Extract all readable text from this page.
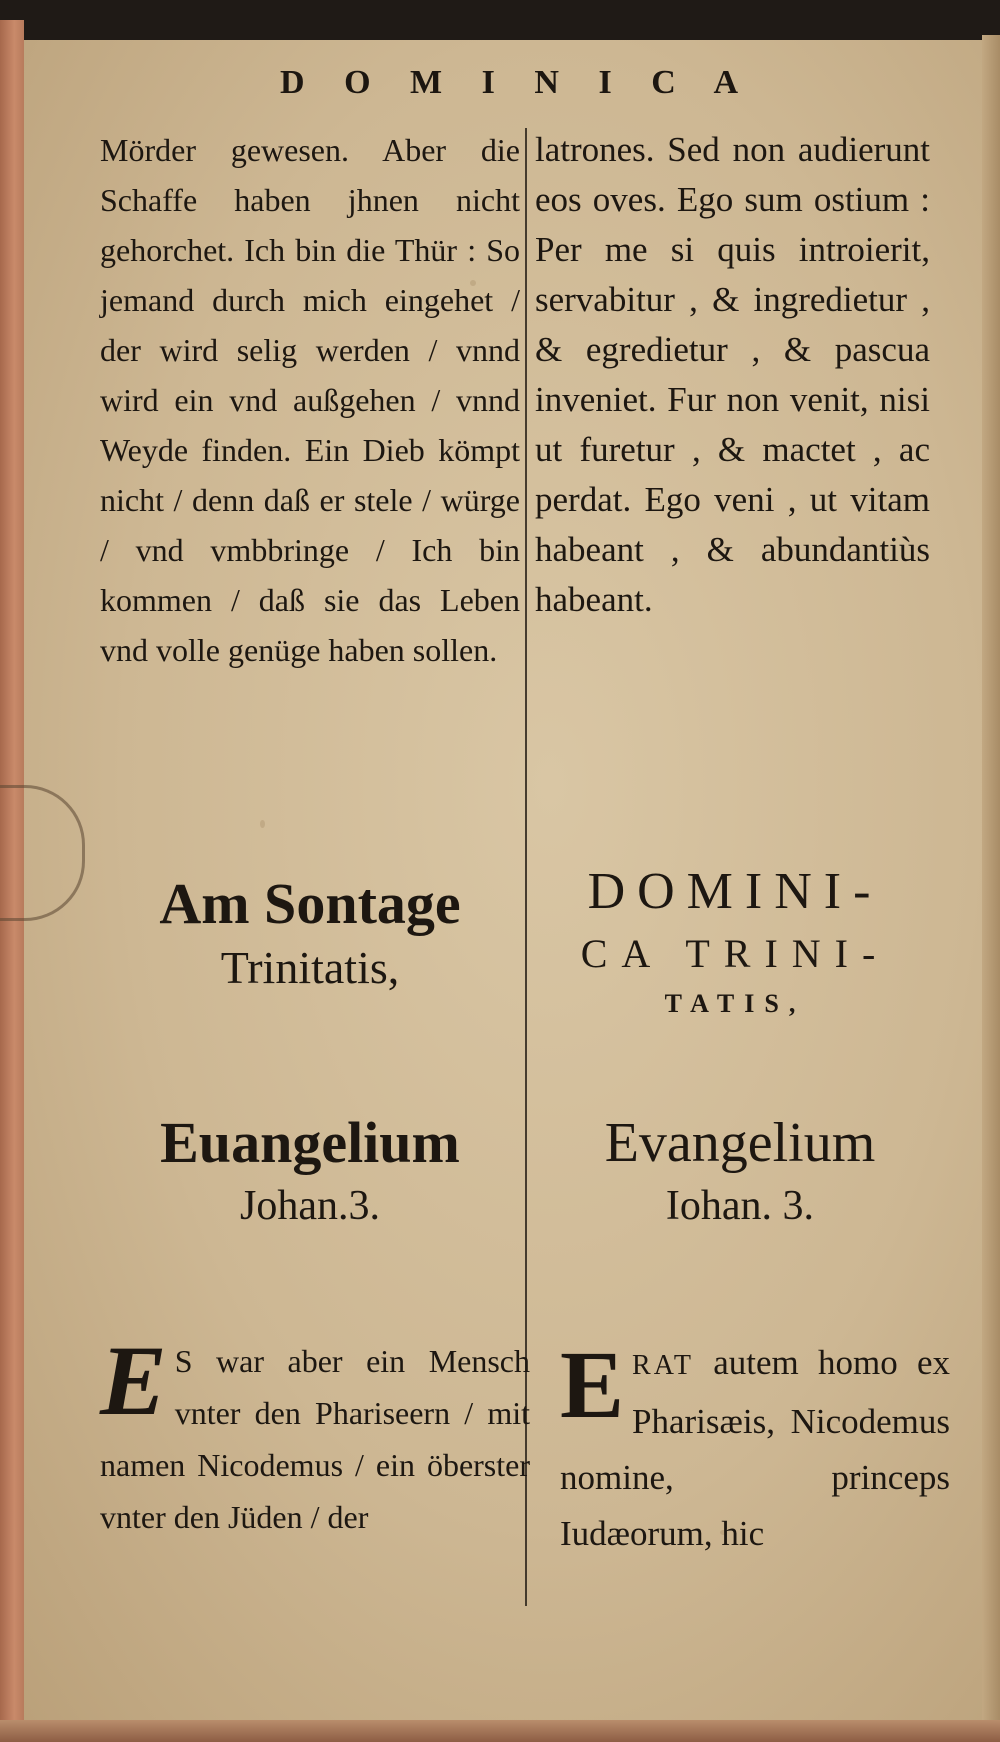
D O M I N I C A
Mörder gewesen. Aber die Schaffe haben jhnen nicht gehorchet. Ich bin die Thür : So jemand durch mich eingehet / der wird selig werden / vnnd wird ein vnd außgehen / vnnd Weyde finden. Ein Dieb kömpt nicht / denn daß er stele / würge / vnd vmbbringe / Ich bin kommen / daß sie das Leben vnd volle genüge haben sollen.
latrones. Sed non audierunt eos oves. Ego sum ostium : Per me si quis introierit, servabitur , & ingredietur , & egredietur , & pascua inveniet. Fur non venit, nisi ut furetur , & mactet , ac perdat. Ego veni , ut vitam habeant , & abundantiùs habeant.
Am Sontage
Trinitatis,
DOMINI-
CA TRINI-
TATIS,
Euangelium
Johan.3.
Evangelium
Iohan. 3.
E S war aber ein Mensch vnter den Phariseern / mit namen Nicodemus / ein öberster vnter den Jüden / der
ERAT autem homo ex Pharisæis, Nicodemus nomine, princeps Iudæorum, hic
